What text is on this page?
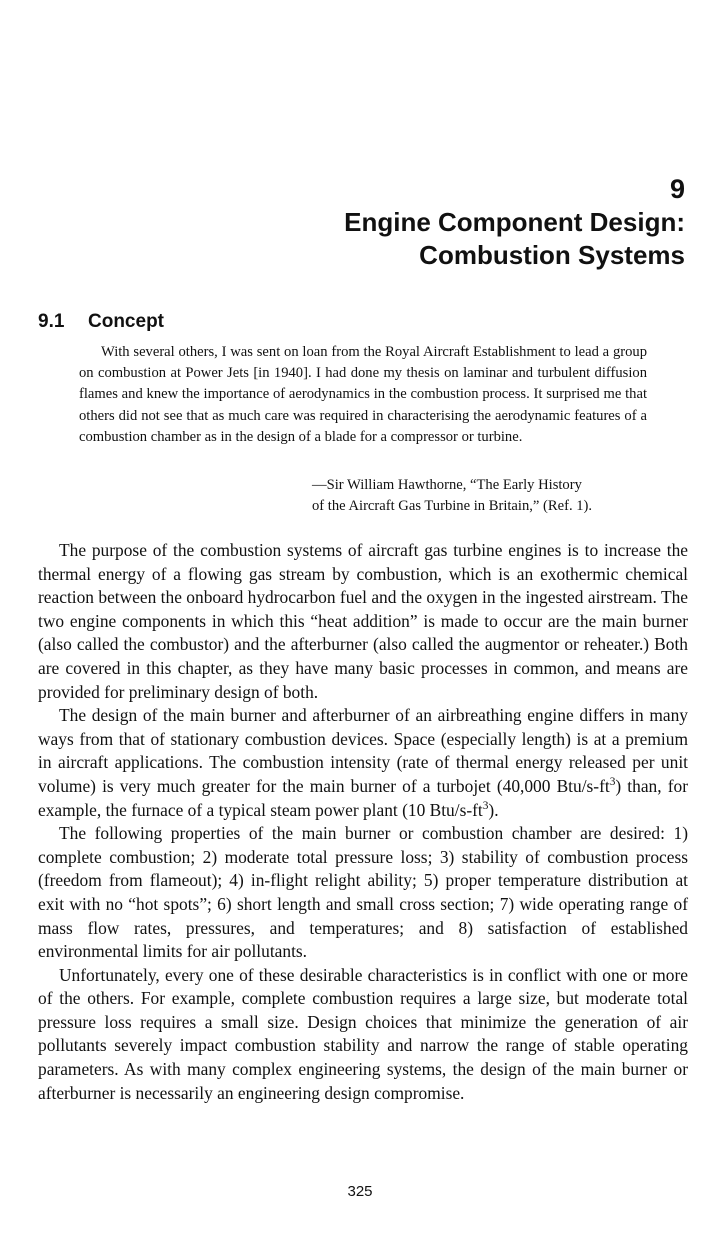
9
Engine Component Design:
Combustion Systems
9.1 Concept

With several others, I was sent on loan from the Royal Aircraft Establishment to lead a group on combustion at Power Jets [in 1940]. I had done my thesis on laminar and turbulent diffusion flames and knew the importance of aerodynamics in the combustion process. It surprised me that others did not see that as much care was required in characterising the aerodynamic features of a combustion chamber as in the design of a blade for a compressor or turbine.

—Sir William Hawthorne, “The Early History
of the Aircraft Gas Turbine in Britain,” (Ref. 1).

The purpose of the combustion systems of aircraft gas turbine engines is to increase the thermal energy of a flowing gas stream by combustion, which is an exothermic chemical reaction between the onboard hydrocarbon fuel and the oxygen in the ingested airstream. The two engine components in which this “heat addition” is made to occur are the main burner (also called the combustor) and the afterburner (also called the augmentor or reheater.) Both are covered in this chapter, as they have many basic processes in common, and means are provided for preliminary design of both.

The design of the main burner and afterburner of an airbreathing engine differs in many ways from that of stationary combustion devices. Space (especially length) is at a premium in aircraft applications. The combustion intensity (rate of thermal energy released per unit volume) is very much greater for the main burner of a turbojet (40,000 Btu/$s-ft^3$) than, for example, the furnace of a typical steam power plant (10 Btu/$s-ft^3$).

The following properties of the main burner or combustion chamber are desired: 1) complete combustion; 2) moderate total pressure loss; 3) stability of combustion process (freedom from flameout); 4) in-flight relight ability; 5) proper temperature distribution at exit with no “hot spots”; 6) short length and small cross section; 7) wide operating range of mass flow rates, pressures, and temperatures; and 8) satisfaction of established environmental limits for air pollutants.

Unfortunately, every one of these desirable characteristics is in conflict with one or more of the others. For example, complete combustion requires a large size, but moderate total pressure loss requires a small size. Design choices that minimize the generation of air pollutants severely impact combustion stability and narrow the range of stable operating parameters. As with many complex engineering systems, the design of the main burner or afterburner is necessarily an engineering design compromise.

325
